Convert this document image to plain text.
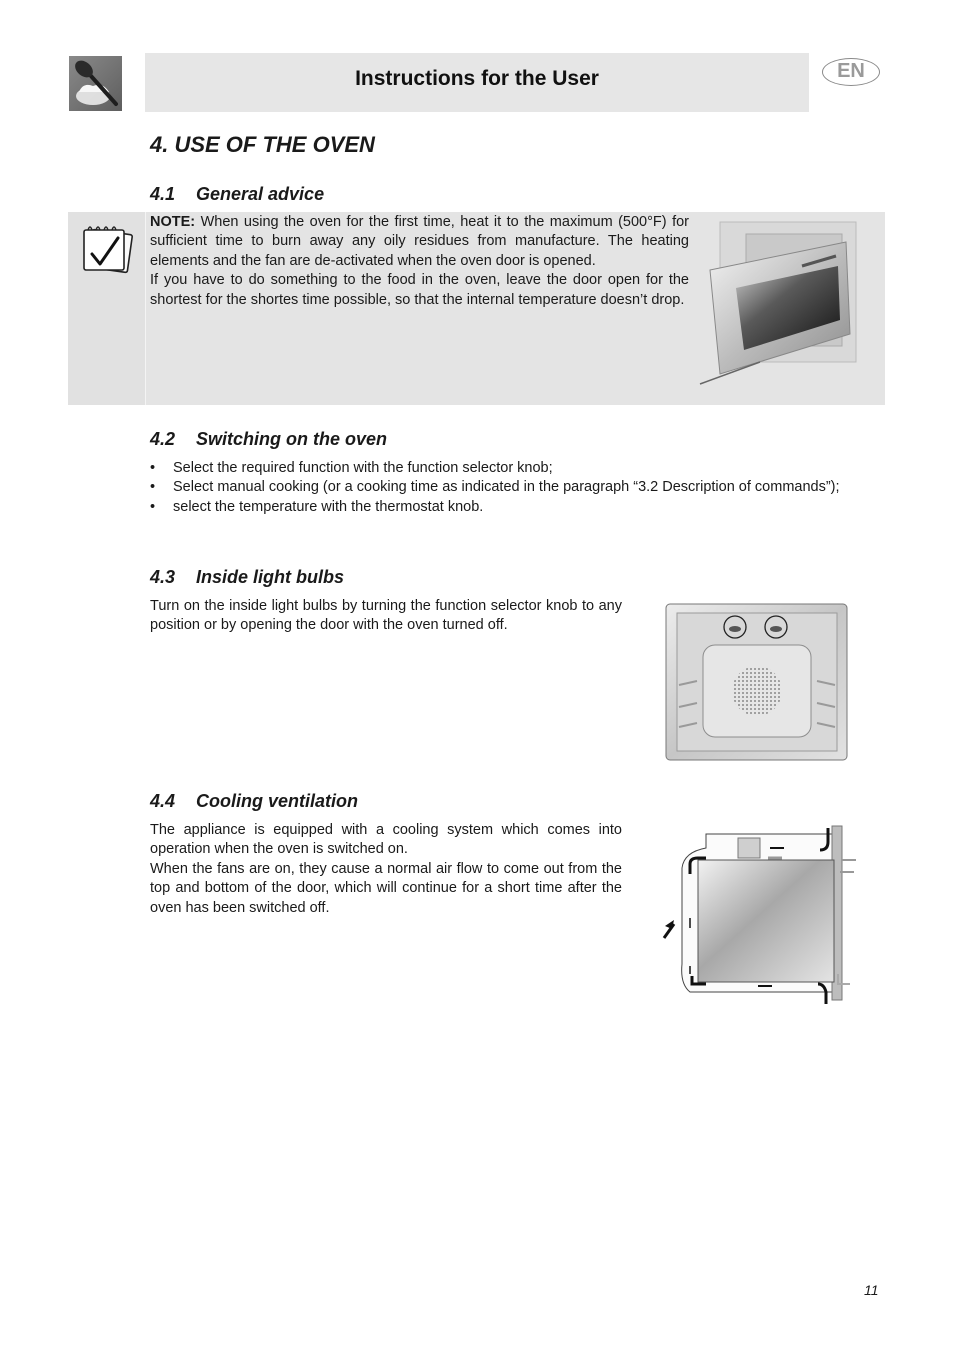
Instructions for the User	EN
4. USE OF THE OVEN
4.1 General advice

NOTE: When using the oven for the first time, heat it to the maximum (500°F) for sufficient time to burn away any oily residues from manufacture. The heating elements and the fan are de-activated when the oven door is opened.

If you have to do something to the food in the oven, leave the door open for the shortest for the shortes time possible, so that the internal temperature doesn’t drop.

4.2 Switching on the oven
• Select the required function with the function selector knob;
• Select manual cooking (or a cooking time as indicated in the paragraph “3.2 Description of commands”);
• select the temperature with the thermostat knob.
4.3 Inside light bulbs
Turn on the inside light bulbs by turning the function selector knob to any position or by opening the door with the oven turned off.
4.4 Cooling ventilation

The appliance is equipped with a cooling system which comes into operation when the oven is switched on.

When the fans are on, they cause a normal air flow to come out from the top and bottom of the door, which will continue for a short time after the oven has been switched off.

11
